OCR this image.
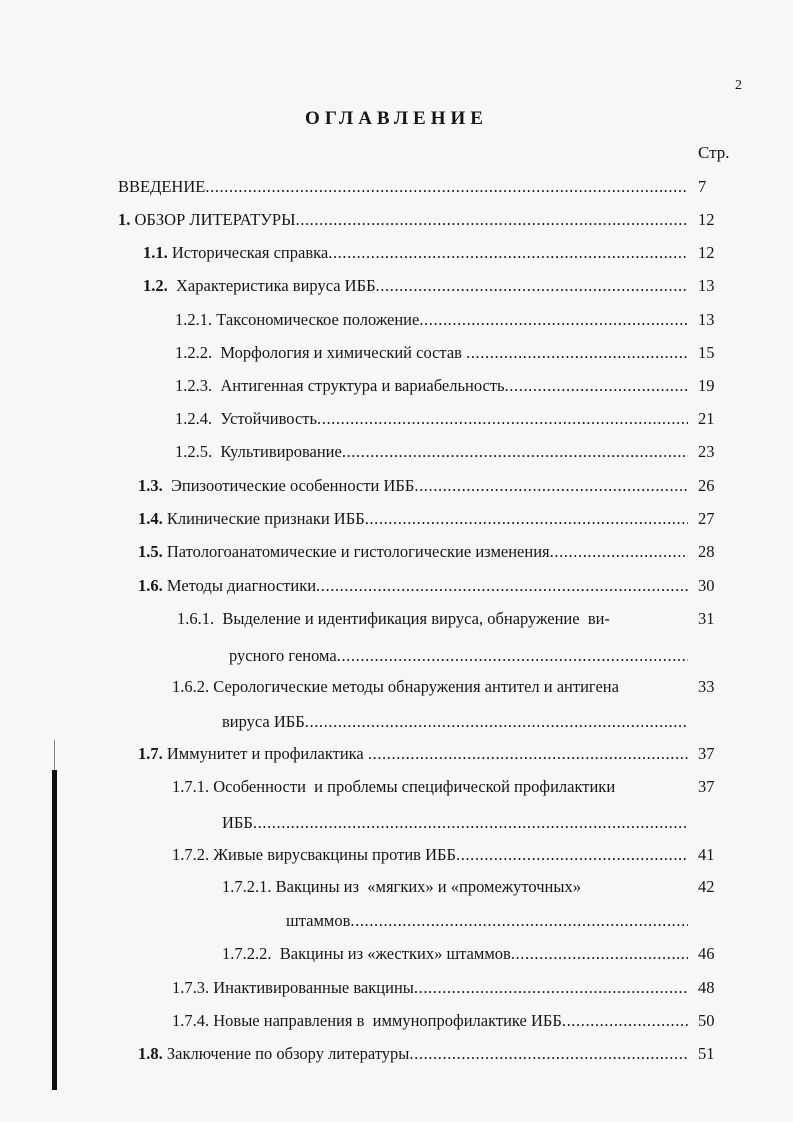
2
ОГЛАВЛЕНИЕ
Стр.
ВВЕДЕНИЕ .....	7
1. ОБЗОР ЛИТЕРАТУРЫ .....	12
1.1. Историческая справка .....	12
1.2. Характеристика вируса ИББ .....	13
1.2.1. Таксономическое положение .....	13
1.2.2.  Морфология и химический состав .....	15
1.2.3.  Антигенная структура и вариабельность .....	19
1.2.4.  Устойчивость .....	21
1.2.5.  Культивирование .....	23
1.3. Эпизоотические особенности ИББ .....	26
1.4. Клинические признаки ИББ .....	27
1.5. Патологоанатомические и гистологические изменения .....	28
1.6. Методы диагностики .....	30
1.6.1.  Выделение и идентификация вируса, обнаружение  ви-	31
русного генома
.....
1.6.2. Серологические методы обнаружения антител и антигена	33
вируса ИББ
.....
1.7. Иммунитет и профилактика .....	37
1.7.1. Особенности  и проблемы специфической профилактики	37
ИББ
.....
1.7.2. Живые вирусвакцины против ИББ .....	41
1.7.2.1. Вакцины из  «мягких» и «промежуточных»	42
штаммов
.....
1.7.2.2.  Вакцины из «жестких» штаммов .....	46
1.7.3. Инактивированные вакцины .....	48
1.7.4. Новые направления в  иммунопрофилактике ИББ .....	50
1.8. Заключение по обзору литературы .....	51
